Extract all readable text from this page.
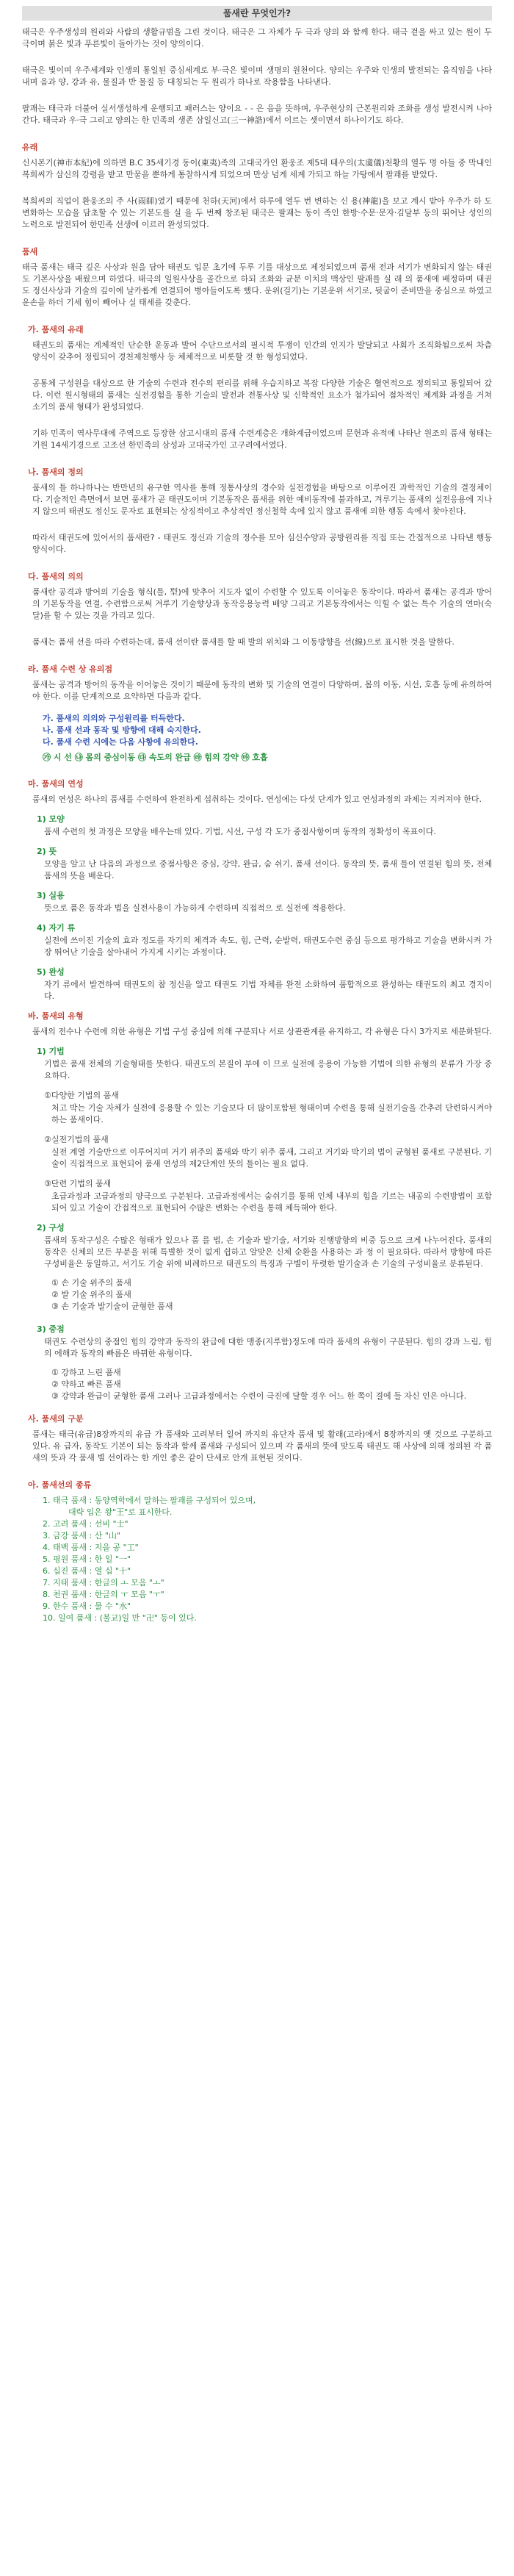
품새란 무엇인가?

태극은 우주생성의 원리와 사람의 생활규범을 그린 것이다. 태극은 그 자체가 두 극과 양의 와 함께 한다. 태극 겉을 싸고 있는 원이 두 극이며 붉은 빛과 푸른빛이 돌아가는 것이 양의이다.

태극은 빛이며 우주세계와 인생의 통일된 중심세계로 부·극은 빛이며 생명의 원천이다. 양의는 우주와 인생의 발전되는 움직임을 나타내며 음과 양, 강과 유, 물질과 반 물질 등 대칭되는 두 원리가 하나로 작용함을 나타낸다.

팔괘는 태극과 더불어 실서생성하게 운행되고 패러스는 양이요 - - 은 음을 뜻하며, 우주현상의 근본원리와 조화를 생성 발전시켜 나아간다. 태극과 우·극 그리고 양의는 한 민족의 생존 삼일신고(三一神誥)에서 이르는 셋이면서 하나이기도 하다.

유래

신시본기(神市本紀)에 의하면 B.C 35세기경 동이(東夷)족의 고대국가인 환웅조 제5대 태우의(太虞儀)천황의 열두 명 아들 중 막내인 복희씨가 삼신의 강령을 받고 만물을 뿐하게 통찰하시게 되었으며 만상 넘게 세계 가되고 하늘 가탕에서 팔괘를 받았다.

복희씨의 직업이 환웅조의 주 사(雨師)였기 때문에 천하(天河)에서 하루에 열두 번 변하는 신 용(神龍)을 보고 계시 받아 우주가 하 도 변화하는 모습을 담초할 수 있는 기본도를 실 을 두 번째 창조된 태극은 팔괘는 동이 족인 한방·수문·문자·김달부 등의 뛰어난 성인의 노력으로 발전되어 한민족 선생에 이르러 완성되었다.

품새

태극 품새는 태극 깊은 사상과 원을 담아 태권도 입문 초기에 두루 기를 대상으로 제정되었으며 품새 전과 서기가 변화되지 않는 태권도 기본사상을 배웠으며 하였다. 태극의 일원사상을 골간으로 하되 조화와 균분 이치의 맥상인 팔괘를 실 래 의 품새에 배정하며 태권도 정신사상과 기술의 깊이에 날카롭게 연결되어 병아들이도록 했다. 운위(걸기)는 기본운위 서기로, 뒷굽이 준비만을 중심으로 하였고 운손을 하더 기세 힘이 빼어나 실 태세를 갖춘다.

가. 품새의 유래

태권도의 품새는 계체적인 단순한 운동과 발어 수단으로서의 필시적 투쟁이 인간의 인지가 발달되고 사회가 조직화됨으로써 차츰 양식이 갖추어 정립되어 경천제천행사 등 체체적으로 비롯할 것 한 형성되었다.

공통체 구성원을 대상으로 한 기술의 수련과 전수의 편리를 위해 우습지하고 복잡 다양한 기술은 혈연적으로 정의되고 통일되어 갔다. 이런 원시형태의 품새는 실전경험을 통한 기술의 발전과 전통사상 및 신학적인 요소가 첨가되어 점차적인 체계화 과정을 거쳐 소기의 품새 형태가 완성되었다.

기하 민족이 역사무대에 주역으로 등장한 삼고시대의 품새 수련계층은 개화계급이었으며 문헌과 유적에 나타난 원조의 품새 형태는 기원 14세기경으로 고조선 한민족의 삼성과 고대국가인 고구려에서였다.

나. 품새의 정의

품새의 틀 하나하나는 반만년의 유구한 역사를 통해 정통사상의 경수와 실전경험을 바탕으로 이루어진 과학적인 기술의 결정체이다. 기술적인 측면에서 보면 품새가 곧 태권도이며 기본동작은 품새를 위한 예비동작에 불과하고, 겨루기는 품새의 실전응용에 지나지 않으며 태권도 정신도 문자로 표현되는 상징적이고 추상적인 정신철학 속에 있지 않고 품새에 의한 행동 속에서 찾아진다.

따라서 태권도에 있어서의 품새란? - 태권도 정신과 기술의 정수를 모아 심신수양과 공방원리를 직접 또는 간접적으로 나타낸 행동양식이다.

다. 품새의 의의

품새란 공격과 방어의 기술을 형식(틀, 型)에 맞추어 지도자 없이 수련할 수 있도록 이어놓은 동작이다. 따라서 품새는 공격과 방어의 기본동작을 연결, 수련함으로써 겨루기 기술향상과 동작응용능력 배양 그리고 기본동작에서는 익힐 수 없는 특수 기술의 연마(숙달)를 할 수 있는 것을 가리고 있다.

품새는 품새 선을 따라 수련하는데, 품새 선이란 품새를 할 때 발의 위치와 그 이동방향을 선(線)으로 표시한 것을 말한다.

라. 품새 수련 상 유의점

품새는 공격과 방어의 동작을 이어놓은 것이기 때문에 동작의 변화 및 기술의 연결이 다양하며, 몸의 이동, 시선, 호흡 등에 유의하여야 한다. 이를 단계적으로 요약하면 다음과 같다.

가. 품새의 의의와 구성원리를 터득한다.
나. 품새 선과 동작 및 방향에 대해 숙지한다.
다. 품새 수련 시에는 다음 사항에 유의한다.
㉮ 시 선 ㉯ 몸의 중심이동 ㉰ 속도의 완급 ㉱ 힘의 강약 ㉲ 호흡
마. 품새의 연성

품새의 연성은 하나의 품새를 수련하여 완전하게 섭취하는 것이다. 연성에는 다섯 단계가 있고 연성과정의 과제는 지켜져야 한다.

1) 모양

품새 수련의 첫 과정은 모양을 배우는데 있다. 기법, 시선, 구성 각 도가 중점사항이며 동작의 정확성이 목표이다.

2) 뜻

모양을 알고 난 다음의 과정으로 중점사항은 중심, 강약, 완급, 숨 쉬기, 품새 선이다. 동작의 뜻, 품새 틀이 연결된 힘의 뜻, 전체 품새의 뜻을 배운다.

3) 실용

뜻으로 품은 동작과 법을 실전사용이 가능하게 수련하며 직접적으 로 실전에 적용한다.

4) 자기 류

실전에 쓰이진 기술의 효과 정도를 자기의 체격과 속도, 힘, 근력, 순발력, 태권도수련 중심 등으로 평가하고 기술을 변화시켜 가장 뛰어난 기술을 살아내어 가지게 시키는 과정이다.

5) 완성

자기 류에서 발견하여 태권도의 참 정신을 알고 태권도 기법 자체를 완전 소화하여 품합적으로 완성하는 태권도의 최고 경지이다.

바. 품새의 유형

품새의 전수나 수련에 의한 유형은 기법 구성 중심에 의해 구분되나 서로 상관관계를 유지하고, 각 유형은 다시 3가지로 세분화된다.

1) 기법

기법은 품새 전체의 기술형태를 뜻한다. 태권도의 본질이 부에 이 므로 실전에 응용이 가능한 기법에 의한 유형의 분류가 가장 중요하다.

①다양한 기법의 품새

처고 박는 기술 자체가 실전에 응용할 수 있는 기술보다 더 많이포함된 형태이며 수련을 통해 실전기술을 간추려 단련하시켜야 하는 품새이다.

②실전기법의 품새

실전 계열 기술만으로 이루어지며 거기 위주의 품새와 박기 위주 품새, 그리고 거기와 박기의 법이 균형된 품새로 구분된다. 기술이 직접적으로 표현되어 품새 연성의 제2단계인 뜻의 틀이는 필요 없다.

③단련 기법의 품새

초급과정과 고급과정의 양극으로 구분된다. 고급과정에서는 숨쉬기를 통해 인체 내부의 힘을 기르는 내공의 수련방법이 포함되어 있고 기술이 간접적으로 표현되어 수많은 변화는 수련을 통해 체득해야 한다.

2) 구성

품새의 동작구성은 수많은 형태가 있으나 품 를 법, 손 기술과 발기술, 서기와 진행방향의 비중 등으로 크게 나누어진다. 품새의 동작은 신체의 모든 부분을 위해 특별한 것이 없게 쉽하고 알맞은 신체 순환을 사용하는 과 정 이 필요하다. 따라서 방향에 따른 구성비율은 동일하고, 서기도 기술 위에 비례하므로 태권도의 특징과 구별이 뚜렷한 발기술과 손 기술의 구성비율로 분류된다.

① 손 기술 위주의 품새
② 발 기술 위주의 품새
③ 손 기술과 발기술이 균형한 품새
3) 중점

태권도 수련상의 중점인 힘의 강약과 동작의 완급에 대한 맹종(지루함)정도에 따라 품새의 유형이 구분된다. 힘의 강과 느림, 힘의 에해과 동작의 빠름은 바뀌한 유형이다.

① 강하고 느린 품새
② 약하고 빠른 품새
③ 강약과 완급이 균형한 품새 그러나 고급과정에서는 수련이 극진에 달할 경우 어느 한 쪽이 결에 들 자신 인은 아니다.
사. 품새의 구분

품새는 태극(유급)8장까지의 유급 가 품새와 고려부터 일어 까지의 유단자 품새 및 활래(고라)에서 8장까지의 옛 것으로 구분하고 있다. 유 급자, 동작도 기본이 되는 동작과 함께 품새와 구성되어 있으며 각 품새의 뜻에 맞도록 태권도 해 사상에 의해 정의된 각 품새의 뜻과 각 품새 별 선이라는 한 개인 좋은 같이 단세로 안개 표현된 것이다.

아. 품새선의 종류
1. 태극 품새 : 동양역학에서 말하는 팔괘를 구성되어 있으며,
대략 입은 왕"王"로 표시한다.
2. 고려 품새 : 선비 "士"
3. 금강 품새 : 산 "山"
4. 태백 품새 : 지을 공 "工"
5. 평원 품새 : 한 일 "一"
6. 십진 품새 : 열 십 "十"
7. 지태 품새 : 한글의 ㅗ 모음 "ㅗ"
8. 천권 품새 : 한글의 ㅜ 모음 "ㅜ"
9. 한수 품새 : 물 수 "水"
10. 일여 품새 : (불교)일 만 "卍" 등이 있다.
